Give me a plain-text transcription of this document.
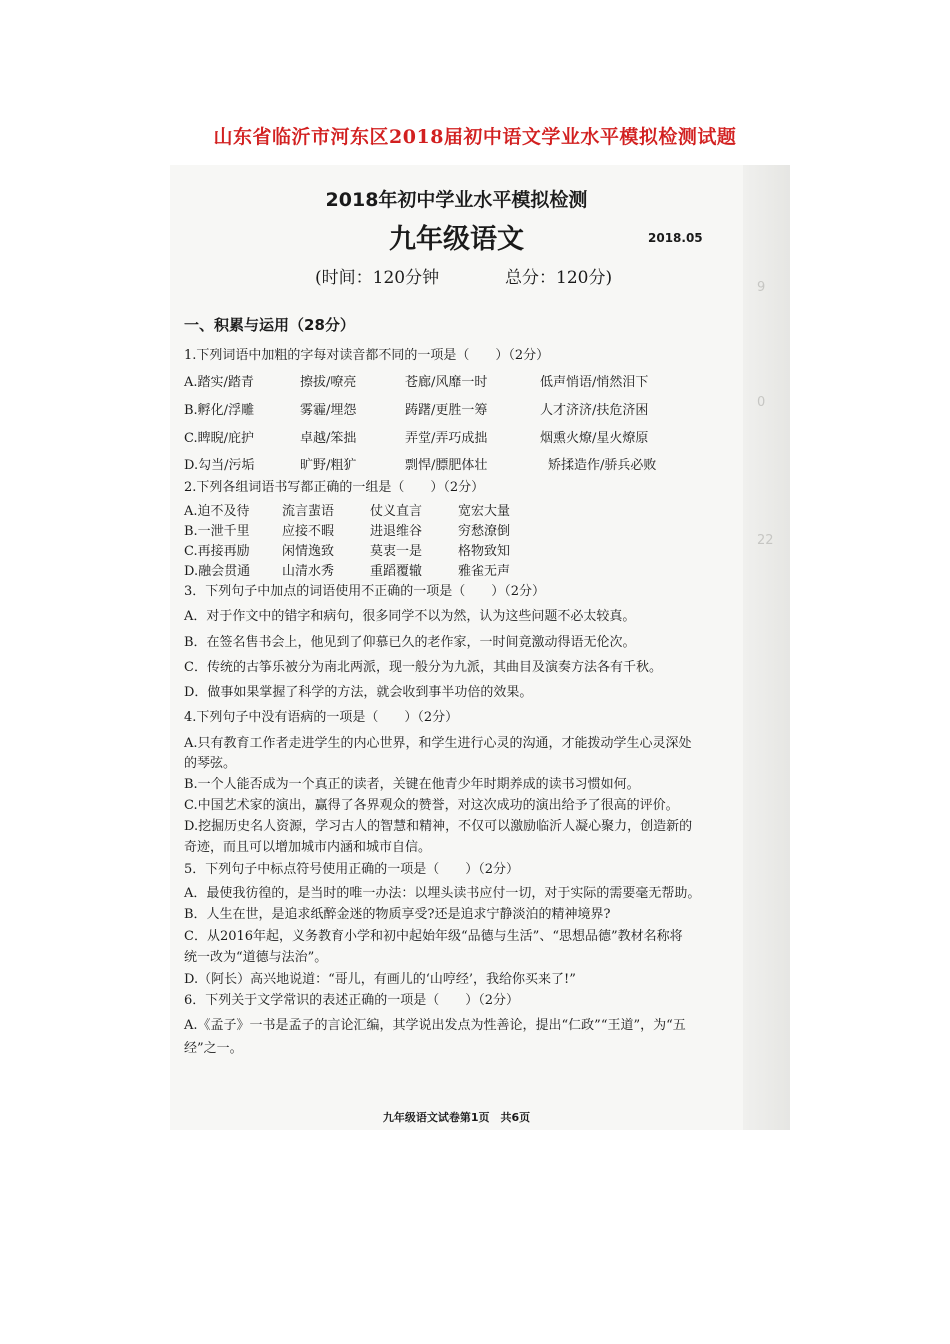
山东省临沂市河东区2018届初中语文学业水平模拟检测试题
9
0
22
2018年初中学业水平模拟检测
九年级语文	2018.05
(时间：120分钟	总分：120分)
一、积累与运用（28分）
1.下列词语中加粗的字每对读音都不同的一项是（　　）（2分）
A.踏实/踏青	擦拔/嘹亮	苍廊/风靡一时	低声悄语/悄然泪下
B.孵化/浮雕	雾霾/埋怨	踌躇/更胜一筹	人才济济/扶危济困
C.睥睨/庇护	卓越/笨拙	弄堂/弄巧成拙	烟熏火燎/星火燎原
D.勾当/污垢	旷野/粗犷	剽悍/膘肥体壮	矫揉造作/骄兵必败
2.下列各组词语书写都正确的一组是（　　）（2分）
A.迫不及待 流言蜚语	仗义直言	宽宏大量
B.一泄千里 应接不暇	进退维谷	穷愁潦倒
C.再接再励 闲情逸致	莫衷一是	格物致知
D.融会贯通 山清水秀	重蹈覆辙	雅雀无声
3．下列句子中加点的词语使用不正确的一项是（　　）（2分）
A．对于作文中的错字和病句，很多同学不以为然，认为这些问题不必太较真。
B．在签名售书会上，他见到了仰慕已久的老作家，一时间竟激动得语无伦次。
C．传统的古筝乐被分为南北两派，现一般分为九派，其曲目及演奏方法各有千秋。
D．做事如果掌握了科学的方法，就会收到事半功倍的效果。
4.下列句子中没有语病的一项是（　　）（2分）
A.只有教育工作者走进学生的内心世界，和学生进行心灵的沟通，才能拨动学生心灵深处
的琴弦。
B.一个人能否成为一个真正的读者，关键在他青少年时期养成的读书习惯如何。
C.中国艺术家的演出，赢得了各界观众的赞誉，对这次成功的演出给予了很高的评价。
D.挖掘历史名人资源，学习古人的智慧和精神，不仅可以激励临沂人凝心聚力，创造新的
奇迹，而且可以增加城市内涵和城市自信。
5．下列句子中标点符号使用正确的一项是（　　）（2分）
A．最使我彷徨的，是当时的唯一办法：以埋头读书应付一切，对于实际的需要毫无帮助。
B．人生在世，是追求纸醉金迷的物质享受?还是追求宁静淡泊的精神境界?
C．从2016年起，义务教育小学和初中起始年级“品德与生活”、“思想品德”教材名称将
统一改为“道德与法治”。
D.（阿长）高兴地说道：“哥儿，有画儿的‘山哼经’，我给你买来了!”
6．下列关于文学常识的表述正确的一项是（　　）（2分）
A.《孟子》一书是孟子的言论汇编，其学说出发点为性善论，提出“仁政”“王道”，为“五
经”之一。
九年级语文试卷第1页　共6页
